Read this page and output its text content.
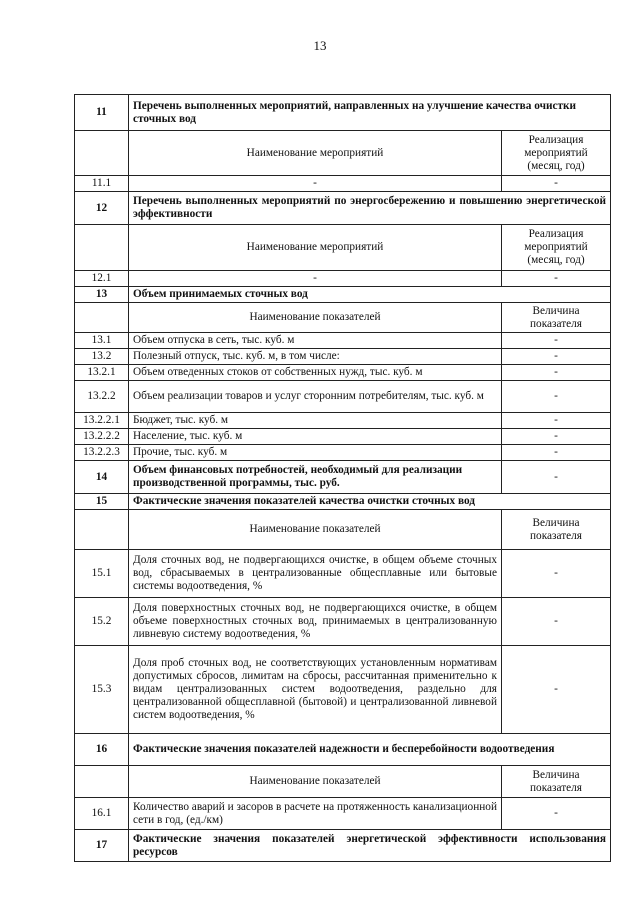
13
11	Перечень выполненных мероприятий, направленных на улучшение качества очистки сточных вод	
	Наименование мероприятий	Реализация мероприятий (месяц, год)
11.1	-	-
12	Перечень выполненных мероприятий по энергосбережению и повышению энергетической эффективности	
	Наименование мероприятий	Реализация мероприятий (месяц, год)
12.1	-	-
13	Объем принимаемых сточных вод	
	Наименование показателей	Величина показателя
13.1	Объем отпуска в сеть, тыс. куб. м	-
13.2	Полезный отпуск, тыс. куб. м, в том числе:	-
13.2.1	Объем отведенных стоков от собственных нужд, тыс. куб. м	-
13.2.2	Объем реализации товаров и услуг сторонним потребителям, тыс. куб. м	-
13.2.2.1	Бюджет, тыс. куб. м	-
13.2.2.2	Население, тыс. куб. м	-
13.2.2.3	Прочие, тыс. куб. м	-
14	Объем финансовых потребностей, необходимый для реализации производственной программы, тыс. руб.	-
15	Фактические значения показателей качества очистки сточных вод	
	Наименование показателей	Величина показателя
15.1	Доля сточных вод, не подвергающихся очистке, в общем объеме сточных вод, сбрасываемых в централизованные общесплавные или бытовые системы водоотведения, %	-
15.2	Доля поверхностных сточных вод, не подвергающихся очистке, в общем объеме поверхностных сточных вод, принимаемых в централизованную ливневую систему водоотведения, %	-
15.3	Доля проб сточных вод, не соответствующих установленным нормативам допустимых сбросов, лимитам на сбросы, рассчитанная применительно к видам централизованных систем водоотведения, раздельно для централизованной общесплавной (бытовой) и централизованной ливневой систем водоотведения, %	-
16	Фактические значения показателей надежности и бесперебойности водоотведения	
	Наименование показателей	Величина показателя
16.1	Количество аварий и засоров в расчете на протяженность канализационной сети в год, (ед./км)	-
17	Фактические значения показателей энергетической эффективности использования ресурсов	
